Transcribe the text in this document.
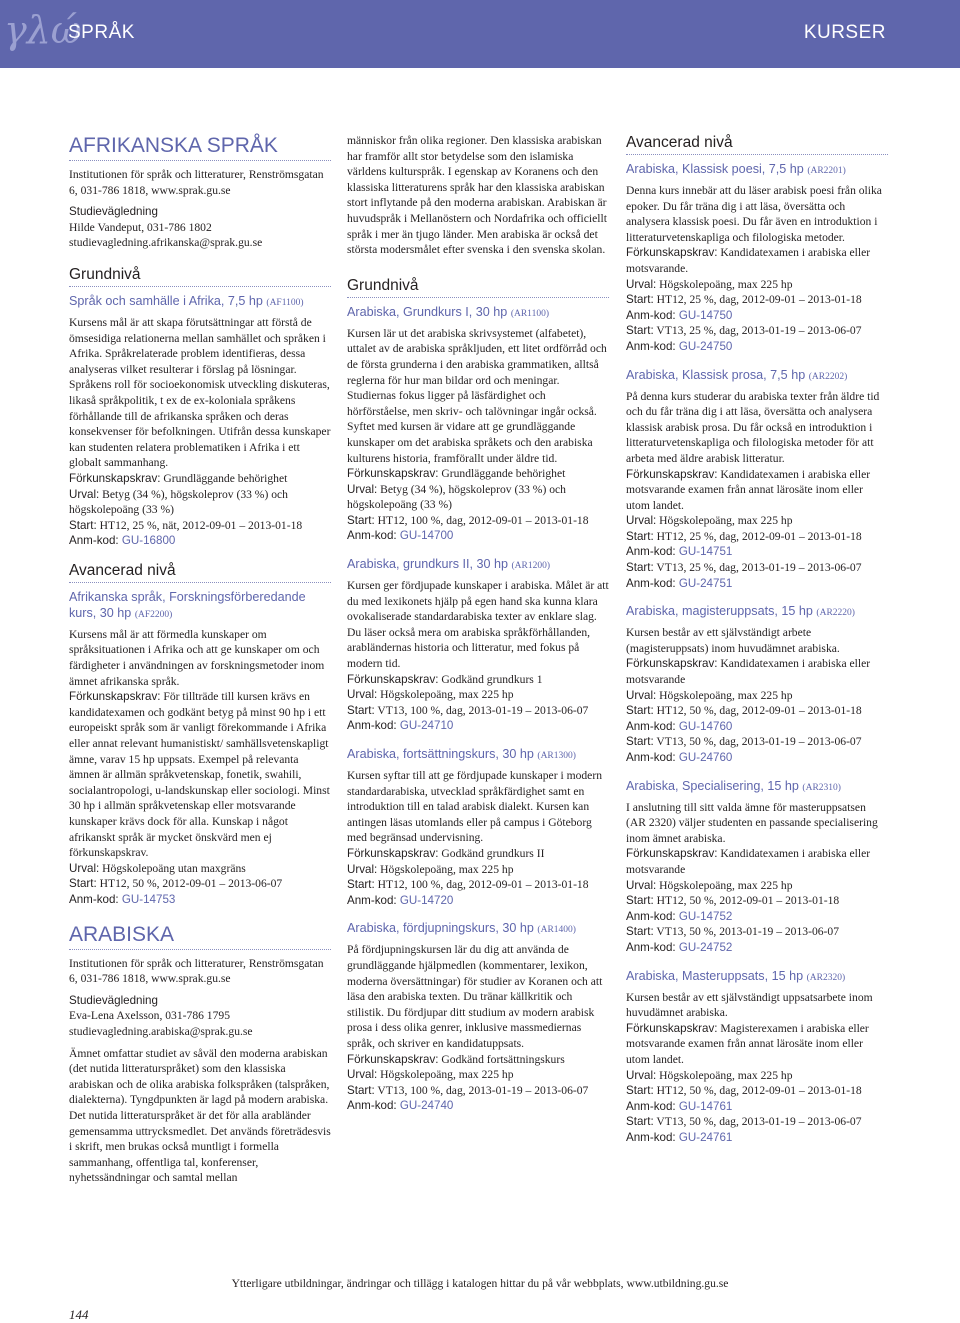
γλώ
SPRÅK	KURSER
AFRIKANSKA SPRÅK

Institutionen för språk och litteraturer, Renströmsgatan 6, 031-786 1818, www.sprak.gu.se

Studievägledning

Hilde Vandeput, 031-786 1802 studievagledning.afrikanska@sprak.gu.se

Grundnivå
Språk och samhälle i Afrika, 7,5 hp (AF1100)

Kursens mål är att skapa förutsättningar att förstå de ömsesidiga relationerna mellan samhället och språken i Afrika. Språkrelaterade problem identifieras, dessa analyseras vilket resulterar i förslag på lösningar. Språkens roll för socioekonomisk utveckling diskuteras, likaså språkpolitik, t ex de ex-koloniala språkens förhållande till de afrikanska språken och deras konsekvenser för befolkningen. Utifrån dessa kunskaper kan studenten relatera problematiken i Afrika i ett globalt sammanhang.

Förkunskapskrav: Grundläggande behörighet

Urval: Betyg (34 %), högskoleprov (33 %) och högskolepoäng (33 %)

Start: HT12, 25 %, nät, 2012-09-01 – 2013-01-18

Anm-kod: GU-16800

Avancerad nivå
Afrikanska språk, Forskningsförberedande kurs, 30 hp (AF2200)

Kursens mål är att förmedla kunskaper om språksituationen i Afrika och att ge kunskaper om och färdigheter i användningen av forskningsmetoder inom ämnet afrikanska språk.

Förkunskapskrav: För tillträde till kursen krävs en kandidatexamen och godkänt betyg på minst 90 hp i ett europeiskt språk som är vanligt förekommande i Afrika eller annat relevant humanistiskt/ samhällsvetenskapligt ämne, varav 15 hp uppsats. Exempel på relevanta ämnen är allmän språkvetenskap, fonetik, swahili, socialantropologi, u-landskunskap eller sociologi. Minst 30 hp i allmän språkvetenskap eller motsvarande kunskaper krävs dock för alla. Kunskap i något afrikanskt språk är mycket önskvärd men ej förkunskapskrav.

Urval: Högskolepoäng utan maxgräns

Start: HT12, 50 %, 2012-09-01 – 2013-06-07

Anm-kod: GU-14753

ARABISKA

Institutionen för språk och litteraturer, Renströmsgatan 6, 031-786 1818, www.sprak.gu.se

Studievägledning

Eva-Lena Axelsson, 031-786 1795 studievagledning.arabiska@sprak.gu.se

Ämnet omfattar studiet av såväl den moderna arabiskan (det nutida litteraturspråket) som den klassiska arabiskan och de olika arabiska folkspråken (talspråken, dialekterna). Tyngdpunkten är lagd på modern arabiska. Det nutida litteraturspråket är det för alla arabländer gemensamma uttrycksmedlet. Det används företrädesvis i skrift, men brukas också muntligt i formella sammanhang, offentliga tal, konferenser, nyhetssändningar och samtal mellan

människor från olika regioner. Den klassiska arabiskan har framför allt stor betydelse som den islamiska världens kulturspråk. I egenskap av Koranens och den klassiska litteraturens språk har den klassiska arabiskan stort inflytande på den moderna arabiskan. Arabiskan är huvudspråk i Mellanöstern och Nordafrika och officiellt språk i mer än tjugo länder. Men arabiska är också det största modersmålet efter svenska i den svenska skolan.

Grundnivå
Arabiska, Grundkurs I, 30 hp (AR1100)

Kursen lär ut det arabiska skrivsystemet (alfabetet), uttalet av de arabiska språkljuden, ett litet ordförråd och de första grunderna i den arabiska grammatiken, alltså reglerna för hur man bildar ord och meningar. Studiernas fokus ligger på läsfärdighet och hörförståelse, men skriv- och talövningar ingår också. Syftet med kursen är vidare att ge grundläggande kunskaper om det arabiska språkets och den arabiska kulturens historia, framförallt under äldre tid.

Förkunskapskrav: Grundläggande behörighet

Urval: Betyg (34 %), högskoleprov (33 %) och högskolepoäng (33 %)

Start: HT12, 100 %, dag, 2012-09-01 – 2013-01-18

Anm-kod: GU-14700

Arabiska, grundkurs II, 30 hp (AR1200)

Kursen ger fördjupade kunskaper i arabiska. Målet är att du med lexikonets hjälp på egen hand ska kunna klara ovokaliserade standardarabiska texter av enklare slag. Du läser också mera om arabiska språkförhållanden, arabländernas historia och litteratur, med fokus på modern tid.

Förkunskapskrav: Godkänd grundkurs 1

Urval: Högskolepoäng, max 225 hp

Start: VT13, 100 %, dag, 2013-01-19 – 2013-06-07

Anm-kod: GU-24710

Arabiska, fortsättningskurs, 30 hp (AR1300)

Kursen syftar till att ge fördjupade kunskaper i modern standardarabiska, utvecklad språkfärdighet samt en introduktion till en talad arabisk dialekt. Kursen kan antingen läsas utomlands eller på campus i Göteborg med begränsad undervisning.

Förkunskapskrav: Godkänd grundkurs II

Urval: Högskolepoäng, max 225 hp

Start: HT12, 100 %, dag, 2012-09-01 – 2013-01-18

Anm-kod: GU-14720

Arabiska, fördjupningskurs, 30 hp (AR1400)

På fördjupningskursen lär du dig att använda de grundläggande hjälpmedlen (kommentarer, lexikon, moderna översättningar) för studier av Koranen och att läsa den arabiska texten. Du tränar källkritik och stilistik. Du fördjupar ditt studium av modern arabisk prosa i dess olika genrer, inklusive massmediernas språk, och skriver en kandidatuppsats.

Förkunskapskrav: Godkänd fortsättningskurs

Urval: Högskolepoäng, max 225 hp

Start: VT13, 100 %, dag, 2013-01-19 – 2013-06-07

Anm-kod: GU-24740

Avancerad nivå
Arabiska, Klassisk poesi, 7,5 hp (AR2201)

Denna kurs innebär att du läser arabisk poesi från olika epoker. Du får träna dig i att läsa, översätta och analysera klassisk poesi. Du får även en introduktion i litteraturvetenskapliga och filologiska metoder.

Förkunskapskrav: Kandidatexamen i arabiska eller motsvarande.

Urval: Högskolepoäng, max 225 hp

Start: HT12, 25 %, dag, 2012-09-01 – 2013-01-18

Anm-kod: GU-14750

Start: VT13, 25 %, dag, 2013-01-19 – 2013-06-07

Anm-kod: GU-24750

Arabiska, Klassisk prosa, 7,5 hp (AR2202)

På denna kurs studerar du arabiska texter från äldre tid och du får träna dig i att läsa, översätta och analysera klassisk arabisk prosa. Du får också en introduktion i litteraturvetenskapliga och filologiska metoder för att arbeta med äldre arabisk litteratur.

Förkunskapskrav: Kandidatexamen i arabiska eller motsvarande examen från annat lärosäte inom eller utom landet.

Urval: Högskolepoäng, max 225 hp

Start: HT12, 25 %, dag, 2012-09-01 – 2013-01-18

Anm-kod: GU-14751

Start: VT13, 25 %, dag, 2013-01-19 – 2013-06-07

Anm-kod: GU-24751

Arabiska, magisteruppsats, 15 hp (AR2220)

Kursen består av ett självständigt arbete (magisteruppsats) inom huvudämnet arabiska.

Förkunskapskrav: Kandidatexamen i arabiska eller motsvarande

Urval: Högskolepoäng, max 225 hp

Start: HT12, 50 %, dag, 2012-09-01 – 2013-01-18

Anm-kod: GU-14760

Start: VT13, 50 %, dag, 2013-01-19 – 2013-06-07

Anm-kod: GU-24760

Arabiska, Specialisering, 15 hp (AR2310)

I anslutning till sitt valda ämne för masteruppsatsen (AR 2320) väljer studenten en passande specialisering inom ämnet arabiska.

Förkunskapskrav: Kandidatexamen i arabiska eller motsvarande

Urval: Högskolepoäng, max 225 hp

Start: HT12, 50 %, 2012-09-01 – 2013-01-18

Anm-kod: GU-14752

Start: VT13, 50 %, 2013-01-19 – 2013-06-07

Anm-kod: GU-24752

Arabiska, Masteruppsats, 15 hp (AR2320)

Kursen består av ett självständigt uppsatsarbete inom huvudämnet arabiska.

Förkunskapskrav: Magisterexamen i arabiska eller motsvarande examen från annat lärosäte inom eller utom landet.

Urval: Högskolepoäng, max 225 hp

Start: HT12, 50 %, dag, 2012-09-01 – 2013-01-18

Anm-kod: GU-14761

Start: VT13, 50 %, dag, 2013-01-19 – 2013-06-07

Anm-kod: GU-24761

Ytterligare utbildningar, ändringar och tillägg i katalogen hittar du på vår webbplats, www.utbildning.gu.se
144
